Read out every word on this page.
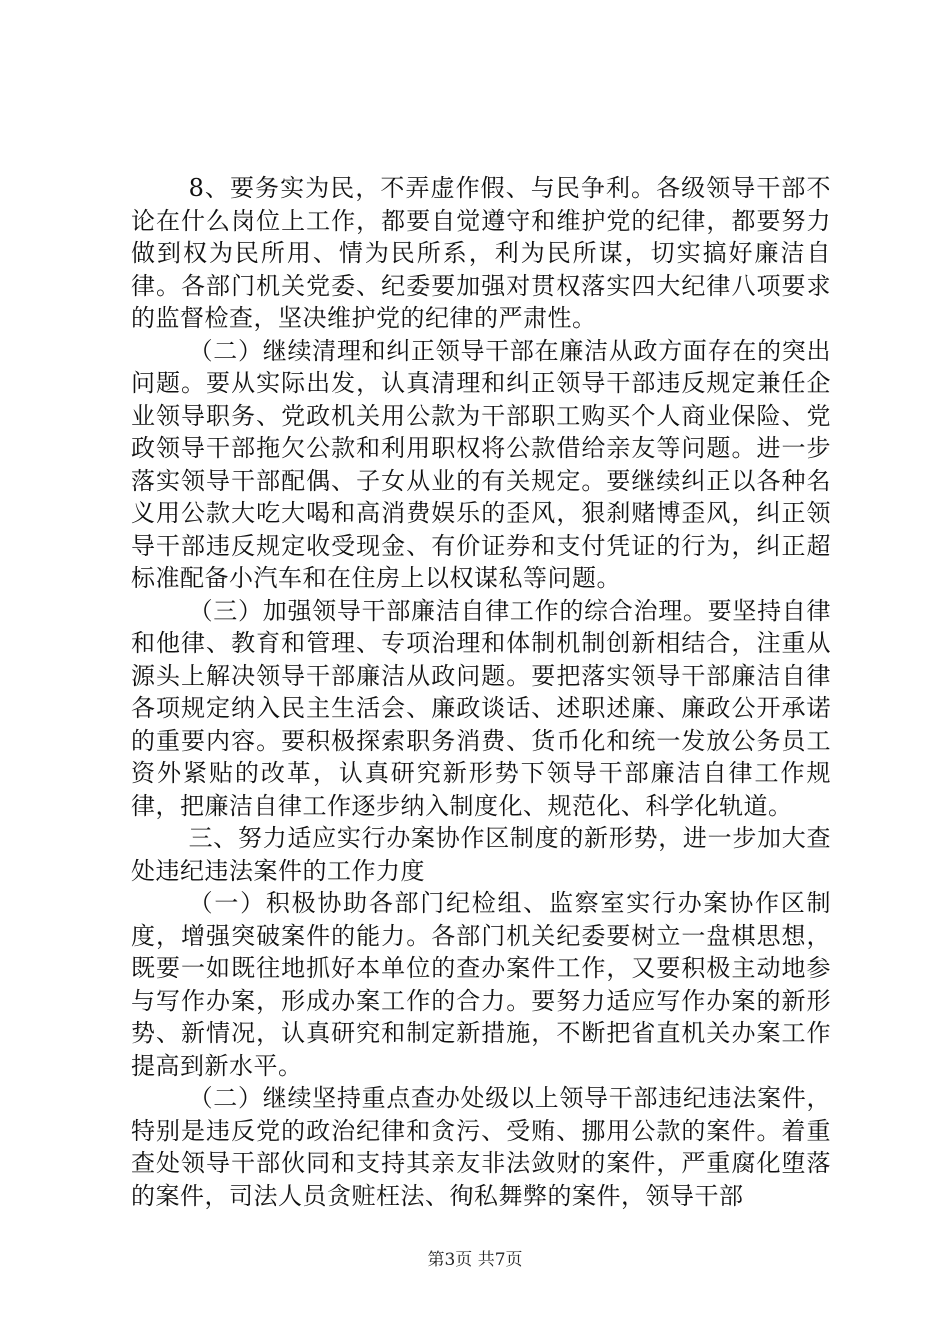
8、要务实为民，不弄虚作假、与民争利。各级领导干部不论在什么岗位上工作，都要自觉遵守和维护党的纪律，都要努力做到权为民所用、情为民所系，利为民所谋，切实搞好廉洁自律。各部门机关党委、纪委要加强对贯权落实四大纪律八项要求的监督检查，坚决维护党的纪律的严肃性。

（二）继续清理和纠正领导干部在廉洁从政方面存在的突出问题。要从实际出发，认真清理和纠正领导干部违反规定兼任企业领导职务、党政机关用公款为干部职工购买个人商业保险、党政领导干部拖欠公款和利用职权将公款借给亲友等问题。进一步落实领导干部配偶、子女从业的有关规定。要继续纠正以各种名义用公款大吃大喝和高消费娱乐的歪风，狠刹赌博歪风，纠正领导干部违反规定收受现金、有价证券和支付凭证的行为，纠正超标准配备小汽车和在住房上以权谋私等问题。

（三）加强领导干部廉洁自律工作的综合治理。要坚持自律和他律、教育和管理、专项治理和体制机制创新相结合，注重从源头上解决领导干部廉洁从政问题。要把落实领导干部廉洁自律各项规定纳入民主生活会、廉政谈话、述职述廉、廉政公开承诺的重要内容。要积极探索职务消费、货币化和统一发放公务员工资外紧贴的改革，认真研究新形势下领导干部廉洁自律工作规律，把廉洁自律工作逐步纳入制度化、规范化、科学化轨道。

三、努力适应实行办案协作区制度的新形势，进一步加大查处违纪违法案件的工作力度

（一）积极协助各部门纪检组、监察室实行办案协作区制度，增强突破案件的能力。各部门机关纪委要树立一盘棋思想，既要一如既往地抓好本单位的查办案件工作，又要积极主动地参与写作办案，形成办案工作的合力。要努力适应写作办案的新形势、新情况，认真研究和制定新措施，不断把省直机关办案工作提高到新水平。

（二）继续坚持重点查办处级以上领导干部违纪违法案件，特别是违反党的政治纪律和贪污、受贿、挪用公款的案件。着重查处领导干部伙同和支持其亲友非法敛财的案件，严重腐化堕落的案件，司法人员贪赃枉法、徇私舞弊的案件，领导干部

第3页 共7页
